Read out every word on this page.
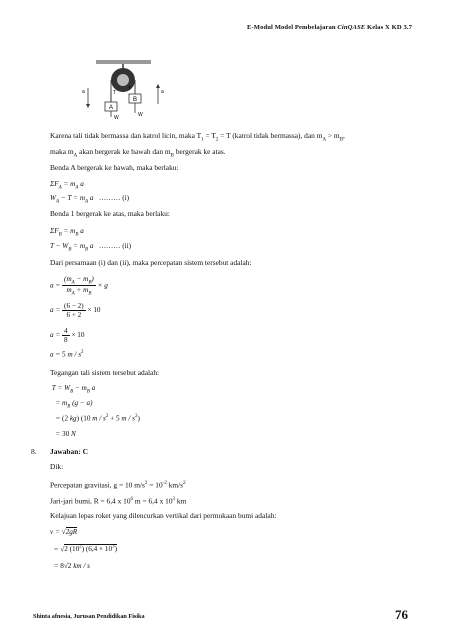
E-Modul Model Pembelajaran CinQASE Kelas X KD 3.7
A
B
a	T
T	a
W	W
Karena tali tidak bermassa dan katrol licin, maka $T_1 = T_2 = T$ (katrol tidak bermassa), dan $m_A > m_B$,
maka $m_A$ akan bergerak ke bawah dan $m_B$ bergerak ke atas.
Benda A bergerak ke bawah, maka berlaku:
$\Sigma F_A = m_A$ a
$W_A - T = m_A$ a   ……… (i)
Benda 1 bergerak ke atas, maka berlaku:
$\Sigma F_B = m_B$ a
$T - W_B = m_B$ a   ……… (ii)
Dari persamaan (i) dan (ii), maka percepatan sistem tersebut adalah:
$a = \frac{(m_A - m_B)}{m_A + m_B} \times g$
$a = \frac{(6 - 2)}{6 + 2} \times 10$
$a = \frac{4}{8} \times 10$
a = 5 m / $s^2$
Tegangan tali sistem tersebut adalah:
$T = W_B - m_B$ a
= $m_B$ (g − a)
= (2 kg) (10 $m / s^2 + 5$ m / $s^2$)
= 30 N
8. Jawaban: C
Dik:
Percepatan gravitasi, g = 10 $m/s^2 = 10^{-2}$ $km/s^2$
Jari-jari bumi, R = 6,4 x $10^6$ m = 6,4 x $10^3$ km
Kelajuan lepas roket yang dilencurkan vertikal dari permukaan bumi adalah:
v = √2gR
= √2 $(10^2) (6,4 \times 10^3)$
= 8√2 km / s
Shinta afnesia, Jurusan Pendidikan Fisika	76
